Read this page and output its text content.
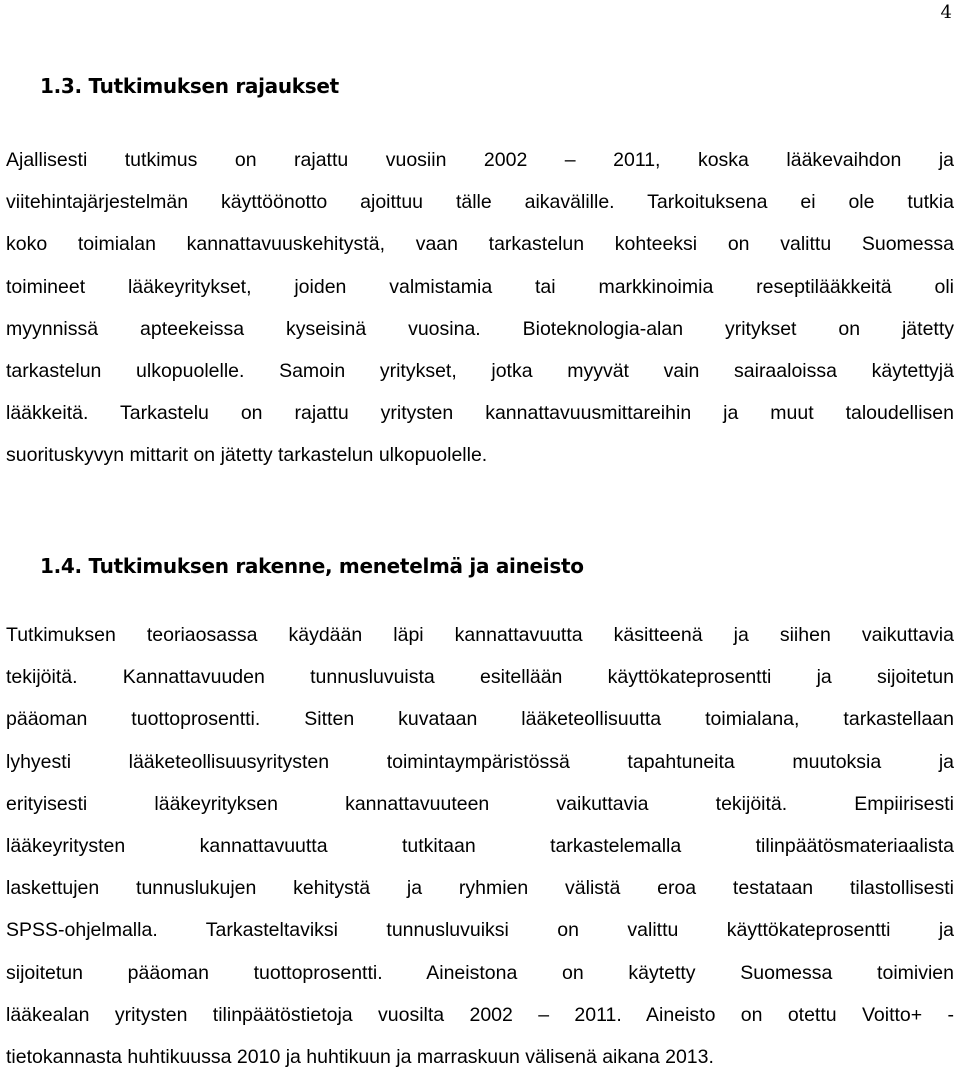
4
1.3. Tutkimuksen rajaukset
Ajallisesti tutkimus on rajattu vuosiin 2002 – 2011, koska lääkevaihdon ja
viitehintajärjestelmän käyttöönotto ajoittuu tälle aikavälille. Tarkoituksena ei ole tutkia
koko toimialan kannattavuuskehitystä, vaan tarkastelun kohteeksi on valittu Suomessa
toimineet lääkeyritykset, joiden valmistamia tai markkinoimia reseptilääkkeitä oli
myynnissä apteekeissa kyseisinä vuosina. Bioteknologia-alan yritykset on jätetty
tarkastelun ulkopuolelle. Samoin yritykset, jotka myyvät vain sairaaloissa käytettyjä
lääkkeitä. Tarkastelu on rajattu yritysten kannattavuusmittareihin ja muut taloudellisen
suorituskyvyn mittarit on jätetty tarkastelun ulkopuolelle.
1.4. Tutkimuksen rakenne, menetelmä ja aineisto
Tutkimuksen teoriaosassa käydään läpi kannattavuutta käsitteenä ja siihen vaikuttavia
tekijöitä. Kannattavuuden tunnusluvuista esitellään käyttökateprosentti ja sijoitetun
pääoman tuottoprosentti. Sitten kuvataan lääketeollisuutta toimialana, tarkastellaan
lyhyesti lääketeollisuusyritysten toimintaympäristössä tapahtuneita muutoksia ja
erityisesti lääkeyrityksen kannattavuuteen vaikuttavia tekijöitä. Empiirisesti
lääkeyritysten kannattavuutta tutkitaan tarkastelemalla tilinpäätösmateriaalista
laskettujen tunnuslukujen kehitystä ja ryhmien välistä eroa testataan tilastollisesti
SPSS-ohjelmalla. Tarkasteltaviksi tunnusluvuiksi on valittu käyttökateprosentti ja
sijoitetun pääoman tuottoprosentti. Aineistona on käytetty Suomessa toimivien
lääkealan yritysten tilinpäätöstietoja vuosilta 2002 – 2011. Aineisto on otettu Voitto+ -
tietokannasta huhtikuussa 2010 ja huhtikuun ja marraskuun välisenä aikana 2013.
